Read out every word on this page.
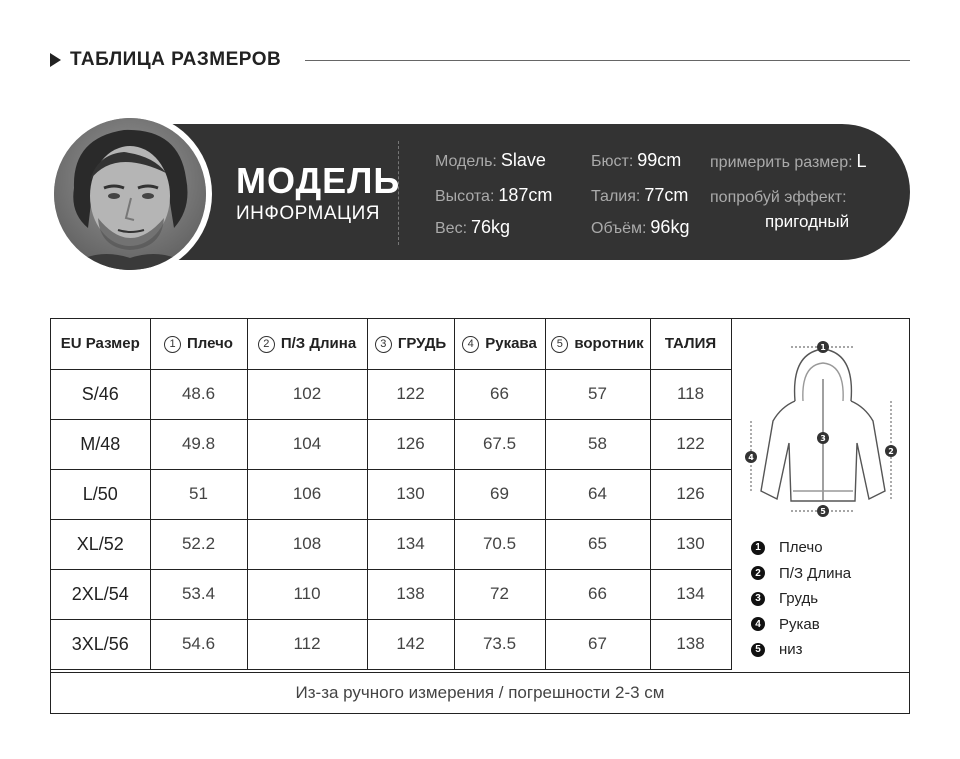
ТАБЛИЦА РАЗМЕРОВ
МОДЕЛЬ
ИНФОРМАЦИЯ
Модель: Slave
Высота: 187cm
Вес: 76kg
Бюст: 99cm
Талия: 77cm
Объём: 96kg
примерить размер: L
попробуй эффект:
пригодный
EU Размер	1 Плечо	2 П/З Длина	3 ГРУДЬ	4 Рукава	5 воротник	ТАЛИЯ
S/46	48.6	102	122	66	57	118
M/48	49.8	104	126	67.5	58	122
L/50	51	106	130	69	64	126
XL/52	52.2	108	134	70.5	65	130
2XL/54	53.4	110	138	72	66	134
3XL/56	54.6	112	142	73.5	67	138
1
2
3
4
5
1 Плечо
2 П/З Длина
3 Грудь
4 Рукав
5 низ
Из-за ручного измерения / погрешности 2-3 см
